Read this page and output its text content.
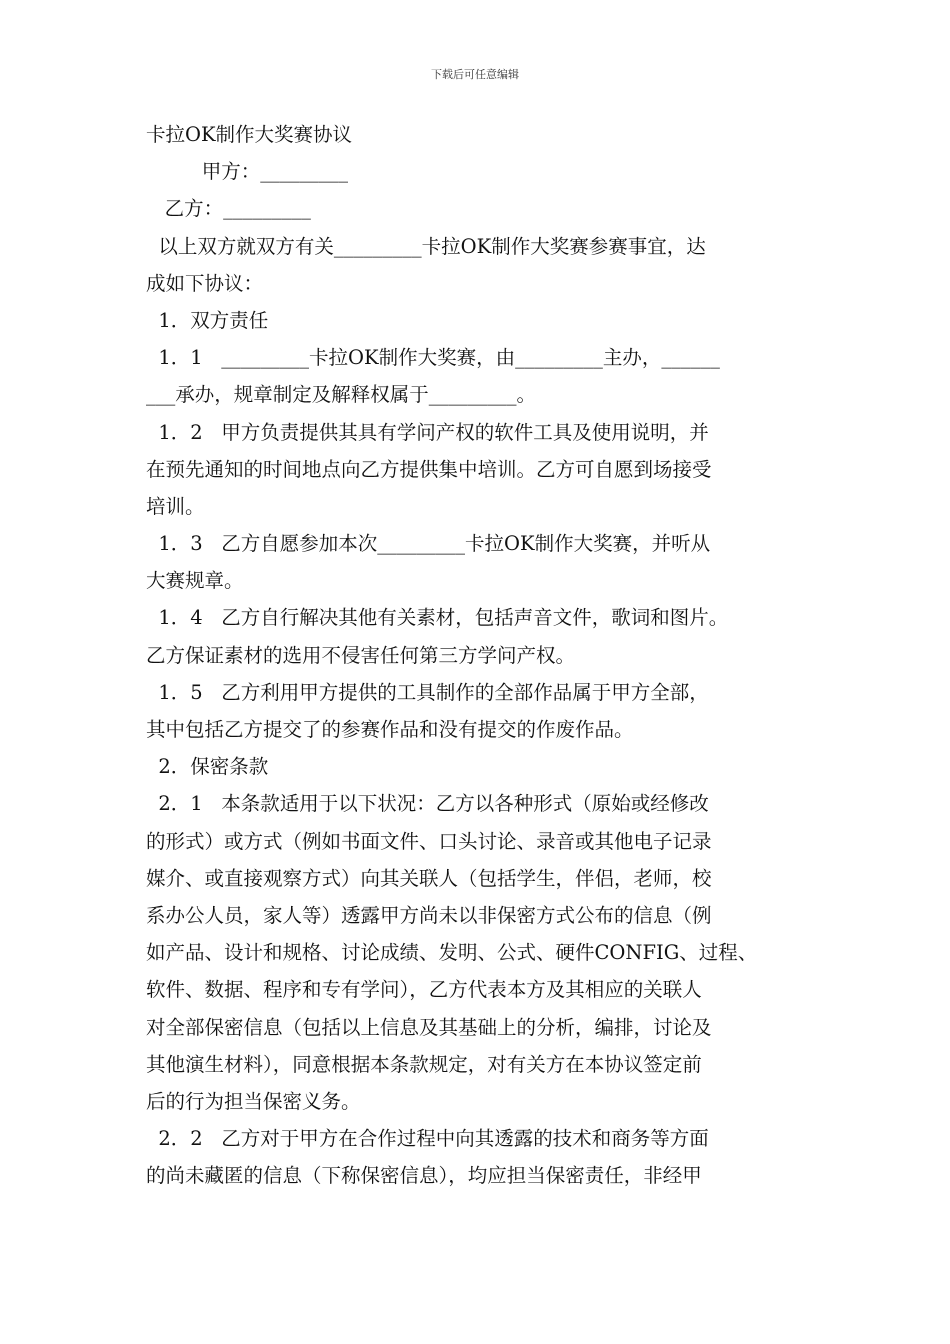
下载后可任意编辑
卡拉OK制作大奖赛协议
甲方：_________
乙方：_________
以上双方就双方有关_________卡拉OK制作大奖赛参赛事宜，达
成如下协议：
1．双方责任
1．1   _________卡拉OK制作大奖赛，由_________主办，______
___承办，规章制定及解释权属于_________。
1．2   甲方负责提供其具有学问产权的软件工具及使用说明，并
在预先通知的时间地点向乙方提供集中培训。乙方可自愿到场接受
培训。
1．3   乙方自愿参加本次_________卡拉OK制作大奖赛，并听从
大赛规章。
1．4   乙方自行解决其他有关素材，包括声音文件，歌词和图片。
乙方保证素材的选用不侵害任何第三方学问产权。
1．5   乙方利用甲方提供的工具制作的全部作品属于甲方全部，
其中包括乙方提交了的参赛作品和没有提交的作废作品。
2．保密条款
2．1   本条款适用于以下状况：乙方以各种形式（原始或经修改
的形式）或方式（例如书面文件、口头讨论、录音或其他电子记录
媒介、或直接观察方式）向其关联人（包括学生，伴侣，老师，校
系办公人员，家人等）透露甲方尚未以非保密方式公布的信息（例
如产品、设计和规格、讨论成绩、发明、公式、硬件CONFIG、过程、
软件、数据、程序和专有学问），乙方代表本方及其相应的关联人
对全部保密信息（包括以上信息及其基础上的分析，编排，讨论及
其他演生材料），同意根据本条款规定，对有关方在本协议签定前
后的行为担当保密义务。
2．2   乙方对于甲方在合作过程中向其透露的技术和商务等方面
的尚未藏匿的信息（下称保密信息），均应担当保密责任，非经甲
